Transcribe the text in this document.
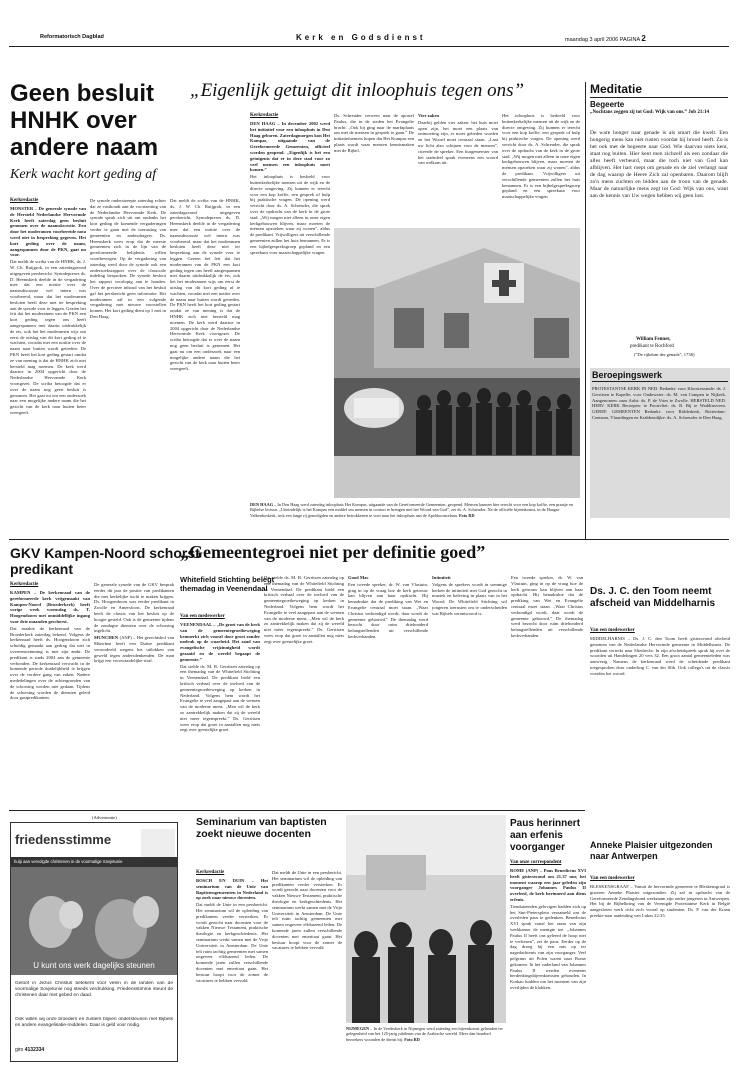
Reformatorisch Dagblad	Kerk en Godsdienst	maandag 3 april 2006 PAGINA 2
Geen besluit HNHK over andere naam
Kerk wacht kort geding af
Kerkredactie

MONSTER – De generale synode van de Hersteld Nederlandse Hervormde Kerk heeft zaterdag geen besluit genomen over de naamskwestie. Een door het moderamen voorbereide nota werd niet in bespreking gegeven. Het kort geding over de naam, aangespannen door de PKN, gaat nu voor.

Dat meldt de scriba van de HNHK, ds. J. W. Ch. Ruijgrok, in een zaterdagavond uitgegeven persbericht. Synodepreses ds. D. Heemskerk deelde in de vergadering mee dat een notitie over de naamsdiscussie wel intern was voorbereid, maar dat het moderamen besloten heeft deze niet ter bespreking aan de synode voor te leggen. Gezien het feit dat het moderamen van de PKN een kort geding tegen ons heeft aangespannen met daarin uitdrukkelijk de eis, ook het het moderamen wijs om eerst de uitslag van dit kort geding af te wachten, voordat met een notitie over de naam naar buiten wordt getreden. De PKN heeft het kort geding gestart omdat ze van mening is dat de HNHK zich niet hersteld mag noemen. De kerk werd daartoe in 2004 opgericht door de Nederlandse Hervormde Kerk voortgezet. De scriba betoogde dat er over de naam nog geen besluit is genomen. Het gaat nu om een onderzoek naar een mogelijke andere naam die het gezicht van de kerk naar buiten beter weergeeft.

De synode onderstreepte zaterdag echter dat ze vasthoudt aan de voortzetting van de Nederlandse Hervormde Kerk. De synode sprak zich uit om ondanks het kort geding de komende vergaderingen verder te gaan met de toerusting van gemeenten en ambtsdragers. Ds. Heemskerk wees erop dat de meeste gemeenten zich in de lijn van de gereformeerde belijdenis willen voortbewegen. Op de vergadering van zaterdag werd door de synode ook een onderzoeksrapport over de classicale indeling besproken. De synode besloot het rapport voorlopig aan te houden. Over de precieze inhoud van het besluit gaf het persbericht geen informatie. Het moderamen zal in een volgende vergadering met nieuwe voorstellen komen. Het kort geding dient op 1 mei in Den Haag.

Dat meldt de scriba van de HNHK, ds. J. W. Ch. Ruijgrok, in een zaterdagavond uitgegeven persbericht. Synodepreses ds. D. Heemskerk deelde in de vergadering mee dat een notitie over de naamsdiscussie wel intern was voorbereid, maar dat het moderamen besloten heeft deze niet ter bespreking aan de synode voor te leggen. Gezien het feit dat het moderamen van de PKN een kort geding tegen ons heeft aangespannen met daarin uitdrukkelijk de eis, ook het het moderamen wijs om eerst de uitslag van dit kort geding af te wachten, voordat met een notitie over de naam naar buiten wordt getreden. De PKN heeft het kort geding gestart omdat ze van mening is dat de HNHK zich niet hersteld mag noemen. De kerk werd daartoe in 2004 opgericht door de Nederlandse Hervormde Kerk voortgezet. De scriba betoogde dat er over de naam nog geen besluit is genomen. Het gaat nu om een onderzoek naar een mogelijke andere naam die het gezicht van de kerk naar buiten beter weergeeft.

„Eigenlijk getuigt dit inloophuis tegen ons”
Kerkredactie

DEN HAAG – In december 2002 werd het initiatief voor een inloophuis in Den Haag geboren. Zaterdagmorgen kon Het Kompas, uitgaande van de Gereformeerde Gemeenten, officieel worden geopend. „Eigenlijk is het een getuigenis dat er in deze stad voor zo veel mensen een inloophuis moet komen.”

Het inloophuis is bedoeld voor buitenkerkelijke mensen uit de wijk en de directe omgeving. Zij kunnen er terecht voor een kop koffie, een gesprek of hulp bij praktische vragen. De opening werd verricht door ds. A. Schreuder, die sprak over de opdracht van de kerk in de grote stad. „Wij mogen niet alleen in onze eigen kerkgebouwen blijven, maar moeten de mensen opzoeken waar zij wonen”, aldus de predikant. Vrijwilligers uit verschillende gemeenten zullen het huis bemannen. Er is een bijbelgespreksgroep gepland en een spreekuur voor maatschappelijke vragen.

Ds. Schreuder verwees naar de apostel Paulus, die in de steden het Evangelie bracht. „Ook hij ging naar de marktplaats om met de mensen in gesprek te gaan.” De initiatiefnemers hopen dat Het Kompas een plaats wordt waar mensen kennismaken met de Bijbel.

Vier zaken

Daarbij gelden vier zaken: het huis moet open zijn, het moet een plaats van ontmoeting zijn, er moet gebeden worden en het Woord moet centraal staan. „Laat uw licht alzo schijnen voor de mensen”, citeerde de spreker. Een burgemeester van het stadsdeel sprak eveneens een woord van welkom uit.

Het inloophuis is bedoeld voor buitenkerkelijke mensen uit de wijk en de directe omgeving. Zij kunnen er terecht voor een kop koffie, een gesprek of hulp bij praktische vragen. De opening werd verricht door ds. A. Schreuder, die sprak over de opdracht van de kerk in de grote stad. „Wij mogen niet alleen in onze eigen kerkgebouwen blijven, maar moeten de mensen opzoeken waar zij wonen”, aldus de predikant. Vrijwilligers uit verschillende gemeenten zullen het huis bemannen. Er is een bijbelgespreksgroep gepland en een spreekuur voor maatschappelijke vragen.

DEN HAAG – In Den Haag werd zaterdag inloophuis Het Kompas, uitgaande van de Gereformeerde Gemeenten, geopend. Mensen kunnen hier terecht voor een kop koffie, een praatje en Bijbelse lectuur. „Uiteindelijk is het Kompas een middel om mensen in contact te brengen met het Woord van God”, zei ds. A. Schreuder. Na de officiële bijeenkomst, in de Haagse Valkenboskerk, trok een lange rij genodigden en andere betrokkenen te voet naar het inloophuis aan de Apeldoornselaan. Foto RD
Meditatie
Begeerte
„Nochtans zeggen zij tot God: Wijk van ons.” Job 21:14
De ware honger naar genade is als smart die kwelt. Een hongerig mens kan niet rusten voordat hij brood heeft. Zo is het ook met de begeerte naar God. Wie daarvan niets kent, staat nog buiten. Hier kent men zichzelf als een zondaar die alles heeft verbeurd, maar die toch niet van God kan afblijven. Het hart roept om genade en de ziel verlangt naar de dag waarop de Heere Zich zal openbaren. Daarom blijft zo'n mens zuchten en bidden aan de troon van de genade. Maar de natuurlijke mens zegt tot God: Wijk van ons, want aan de kennis van Uw wegen hebben wij geen lust.
William Fenner,
predikant te Rochford
("De rijkdom der genade", 1736)
Beroepingswerk
PROTESTANTSE KERK IN NED. Bedankt: voor Kloosterzande: ds. J. Gerritsen te Kapelle; voor Oudewater: ds. M. van Campen te Nijkerk. Aangenomen: naar Aalst: ds. P. de Vries te Zwolle. HERSTELD NED. HERV. KERK Beroepen: te Poortvliet: ds. R. Bij te Waddinxveen. GEREF. GEMEENTEN Bedankt: voor Ridderkerk, Rotterdam-Centrum, Vlaardingen en Krabbendijke: ds. A. Schreuder te Den Haag.
Ds. J. C. den Toom neemt afscheid van Middelharnis
Van een medewerker
MIDDELHARNIS – Ds. J. C. den Toom heeft gisteravond afscheid genomen van de Nederlandse Hervormde gemeente in Middelharnis. De predikant vertrekt naar Sliedrecht. In zijn afscheidspreek sprak hij over de woorden uit Handelingen 20 vers 32. Een groot aantal gemeenteleden was aanwezig. Namens de kerkenraad werd de scheidende predikant toegesproken door ouderling C. van der Slik. Ook collega's uit de classis voerden het woord.
Anneke Plaisier uitgezonden naar Antwerpen
Van een medewerker
BLESKENSGRAAF – Vanuit de hervormde gemeente te Bleskensgraaf is gisteren Anneke Plaisier uitgezonden. Zij zal in opdracht van de Gereformeerde Zendingsbond werkzaam zijn onder jongeren in Antwerpen. Het bij de Bijbelkring van de Verenigde Protestantse Kerk in België aangesloten werk richt zich vooral op studenten. Ds. P. van der Kraan preekte naar aanleiding van Lukas 22:35.
GKV Kampen-Noord schorst predikant
Kerkredactie

KAMPEN – De kerkenraad van de gereformeerde kerk vrijgemaakt van Kampen-Noord (Broederkerk) heeft vorige week woensdag ds. T. Hoogendoorn met onmiddellijke ingang voor drie maanden geschorst.

Dat maakte de kerkenraad van de Broederkerk zaterdag bekend. Volgens de kerkenraad heeft ds. Hoogendoorn zich schuldig gemaakt aan gedrag dat niet in overeenstemming is met zijn ambt. De predikant is sinds 2004 aan de gemeente verbonden. De kerkenraad verwacht in de komende periode duidelijkheid te krijgen over de verdere gang van zaken. Nadere mededelingen over de achtergronden van de schorsing worden niet gedaan. Tijdens de schorsing worden de diensten geleid door gastpredikanten.

De generale synode van de GKV besprak eerder dit jaar de positie van predikanten die met kerkelijke tucht te maken krijgen. Ds. Hoogendoorn was eerder predikant in Zwolle en Amersfoort. De kerkenraad heeft de classis van het besluit op de hoogte gesteld. Ook is de gemeente tijdens de zondagse diensten over de schorsing ingelicht.

MUNCHEN (ANP) – Het gerechtshof van München heeft een Duitse predikant veroordeeld wegens het uitlokken van geweld tegen andersdenkenden. De man krijgt een voorwaardelijke straf.

Whitefield Stichting belegt themadag in Veenendaal
„Gemeentegroei niet per definitie goed”
Van een medewerker

VEENENDAAL – „De groei van de kerk van de gemeentegroeibeweging kenmerkt zich vooral door groei zonder nadruk op de waarheid. Het zaad van evangelische vrijzinnigheid wordt gezaaid en de wereld begaapt de gemeente.”

Dat stelde ds. M. R. Gerritsen zaterdag op een themadag van de Whitefield Stichting in Veenendaal. De predikant hield een kritisch verhaal over de invloed van de gemeentegroeibeweging op kerken in Nederland. Volgens hem wordt het Evangelie te veel aangepast aan de wensen van de moderne mens. „Men wil de kerk zo aantrekkelijk maken dat zij de wereld niet meer tegenspreekt.” Ds. Gerritsen wees erop dat groei in aantallen nog niets zegt over geestelijke groei.

Dat stelde ds. M. R. Gerritsen zaterdag op een themadag van de Whitefield Stichting in Veenendaal. De predikant hield een kritisch verhaal over de invloed van de gemeentegroeibeweging op kerken in Nederland. Volgens hem wordt het Evangelie te veel aangepast aan de wensen van de moderne mens. „Men wil de kerk zo aantrekkelijk maken dat zij de wereld niet meer tegenspreekt.” Ds. Gerritsen wees erop dat groei in aantallen nog niets zegt over geestelijke groei.

Good Mac

Een tweede spreker, dr. W. van Vlastuin, ging in op de vraag hoe de kerk getrouw kan blijven aan haar opdracht. Hij benadrukte dat de prediking van Wet en Evangelie centraal moet staan. „Waar Christus verkondigd wordt, daar wordt de gemeente gebouwd.” De themadag werd bezocht door ruim driehonderd belangstellenden uit verschillende kerkverbanden.

Intimiteit

Volgens de sprekers wordt in sommige kerken de intimiteit met God gezocht in muziek en beleving in plaats van in het Woord. De Whitefield Stichting wil jongeren toerusten om te onderscheiden wat Bijbels verantwoord is.

Een tweede spreker, dr. W. van Vlastuin, ging in op de vraag hoe de kerk getrouw kan blijven aan haar opdracht. Hij benadrukte dat de prediking van Wet en Evangelie centraal moet staan. „Waar Christus verkondigd wordt, daar wordt de gemeente gebouwd.” De themadag werd bezocht door ruim driehonderd belangstellenden uit verschillende kerkverbanden.

(Advertentie)
friedensstimme
hulp aan vervolgde christenen in de voormalige Sovjetunie
U kunt ons werk dagelijks steunen
Geloof in Jezus Christus betekent voor velen in de landen van de voormalige Sovjetunie nog steeds verdrukking. Friedensstimme steunt de christenen daar met gebed en daad.
Ook willen wij onze broeders en zusters blijven ondersteunen met Bijbels en andere evangelisatie-middelen. Daar is geld voor nodig.
giro 4132334
Seminarium van baptisten zoekt nieuwe docenten
Kerkredactie

BOSCH EN DUIN – Het seminarium van de Unie van Baptistengemeenten in Nederland is op zoek naar nieuwe docenten.

Dat meldt de Unie in een persbericht. Het seminarium wil de opleiding van predikanten verder versterken. Er wordt gezocht naar docenten voor de vakken Nieuwe Testament, praktische theologie en kerkgeschiedenis. Het seminarium werkt samen met de Vrije Universiteit in Amsterdam. De Unie telt ruim tachtig gemeenten met samen ongeveer elfduizend leden. De komende jaren zullen verschillende docenten met emeritaat gaan. Het bestuur hoopt voor de zomer de vacatures te hebben vervuld.

Dat meldt de Unie in een persbericht. Het seminarium wil de opleiding van predikanten verder versterken. Er wordt gezocht naar docenten voor de vakken Nieuwe Testament, praktische theologie en kerkgeschiedenis. Het seminarium werkt samen met de Vrije Universiteit in Amsterdam. De Unie telt ruim tachtig gemeenten met samen ongeveer elfduizend leden. De komende jaren zullen verschillende docenten met emeritaat gaan. Het bestuur hoopt voor de zomer de vacatures te hebben vervuld.

NIJMEGEN – In de Vredeskerk in Nijmegen werd zaterdag een bijeenkomst gehouden ter gelegenheid van het 125-jarig jubileum van de Arabische wereld. Meer dan honderd bezoekers woonden de dienst bij. Foto RD
Paus herinnert aan erfenis voorganger
Van onze correspondent

ROME (ANP) – Paus Benedictus XVI heeft gisteravond om 21.37 uur, het moment waarop een jaar geleden zijn voorganger Johannes Paulus II overleed, de kerk herinnerd aan diens erfenis.

Tienduizenden gelovigen hadden zich op het Sint-Pietersplein verzameld om de overleden paus te gedenken. Benedictus XVI sprak vanaf het raam van zijn werkkamer de menigte toe. „Johannes Paulus II heeft ons geleerd de hoop niet te verliezen”, zei de paus. Eerder op de dag droeg hij een mis op ter nagedachtenis van zijn voorganger. Veel pelgrims uit Polen waren naar Rome gekomen. In het vaderland van Johannes Paulus II werden eveneens herdenkingsbijeenkomsten gehouden. In Krakau luidden om het moment van zijn overlijden de klokken.
